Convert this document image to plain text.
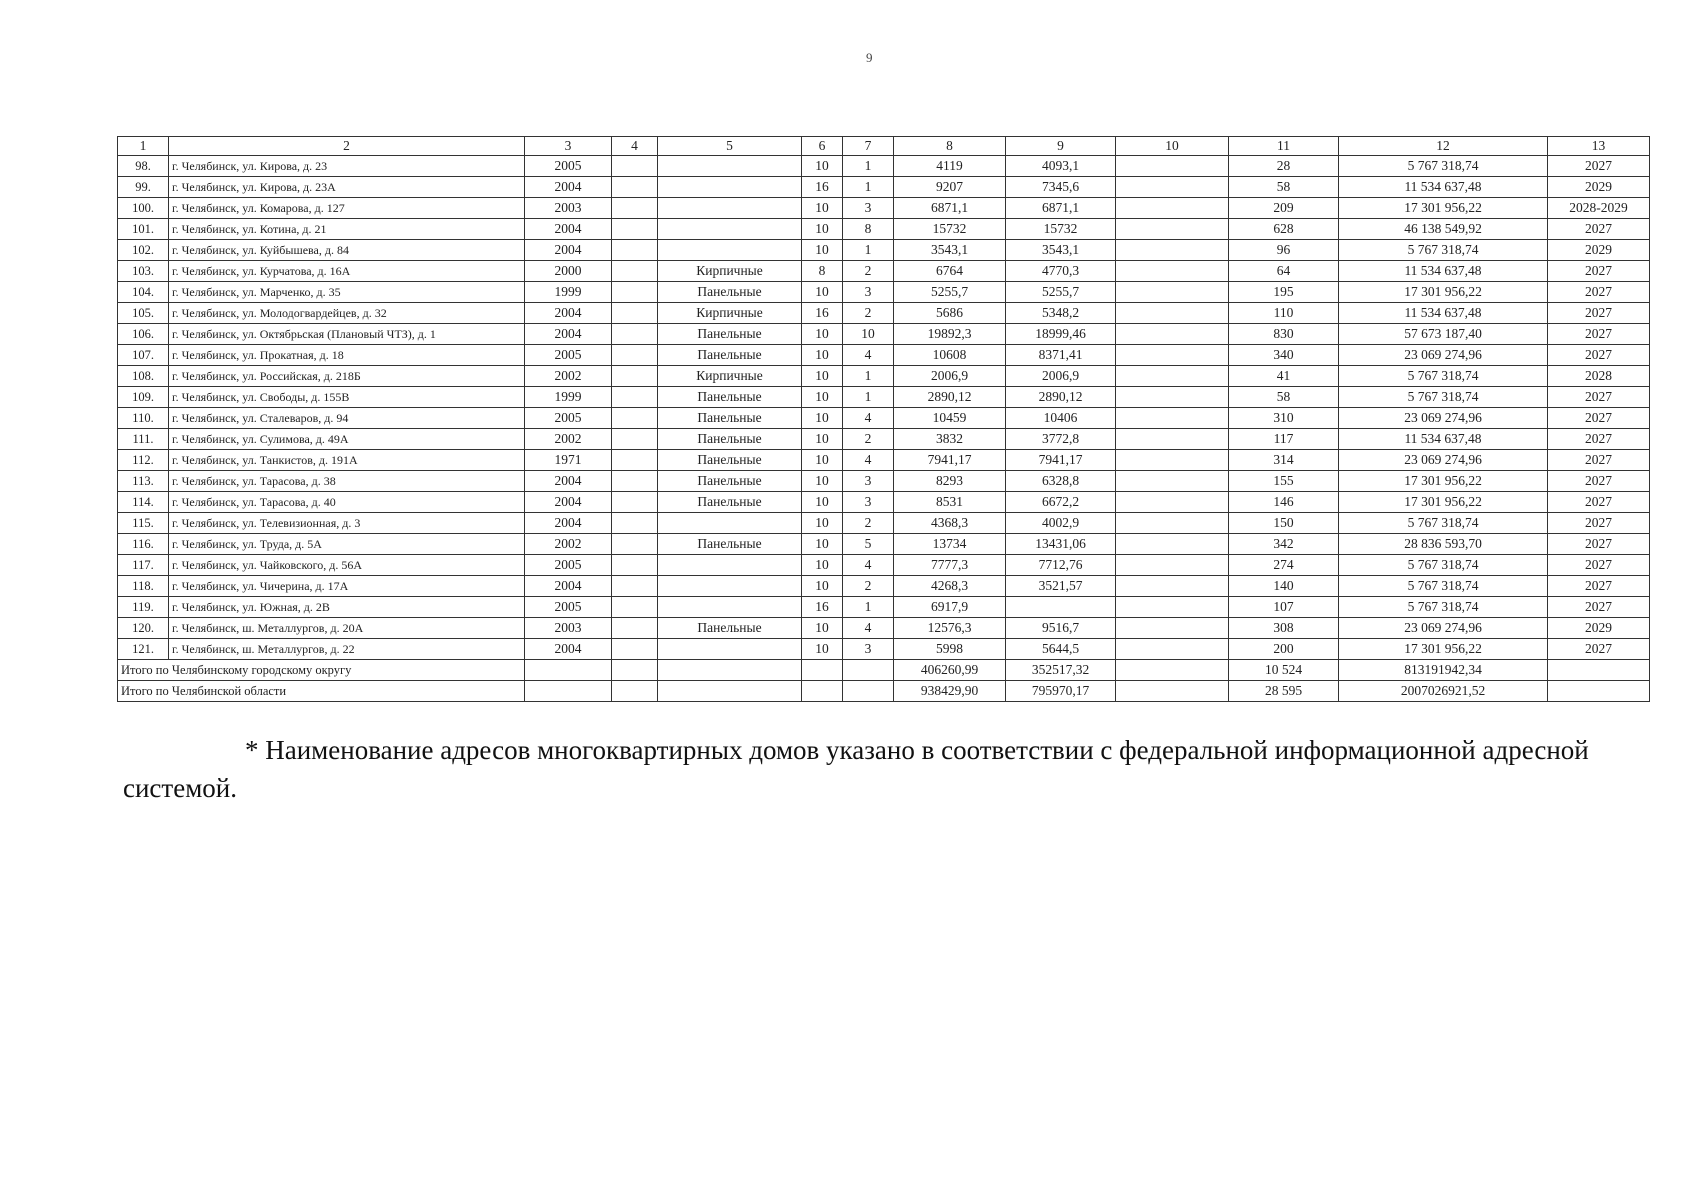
9
1	2	3	4	5	6	7	8	9	10	11	12	13
98.	г. Челябинск, ул. Кирова, д. 23	2005			10	1	4119	4093,1		28	5 767 318,74	2027
99.	г. Челябинск, ул. Кирова, д. 23А	2004			16	1	9207	7345,6		58	11 534 637,48	2029
100.	г. Челябинск, ул. Комарова, д. 127	2003			10	3	6871,1	6871,1		209	17 301 956,22	2028-2029
101.	г. Челябинск, ул. Котина, д. 21	2004			10	8	15732	15732		628	46 138 549,92	2027
102.	г. Челябинск, ул. Куйбышева, д. 84	2004			10	1	3543,1	3543,1		96	5 767 318,74	2029
103.	г. Челябинск, ул. Курчатова, д. 16А	2000		Кирпичные	8	2	6764	4770,3		64	11 534 637,48	2027
104.	г. Челябинск, ул. Марченко, д. 35	1999		Панельные	10	3	5255,7	5255,7		195	17 301 956,22	2027
105.	г. Челябинск, ул. Молодогвардейцев, д. 32	2004		Кирпичные	16	2	5686	5348,2		110	11 534 637,48	2027
106.	г. Челябинск, ул. Октябрьская (Плановый ЧТЗ), д. 1	2004		Панельные	10	10	19892,3	18999,46		830	57 673 187,40	2027
107.	г. Челябинск, ул. Прокатная, д. 18	2005		Панельные	10	4	10608	8371,41		340	23 069 274,96	2027
108.	г. Челябинск, ул. Российская, д. 218Б	2002		Кирпичные	10	1	2006,9	2006,9		41	5 767 318,74	2028
109.	г. Челябинск, ул. Свободы, д. 155В	1999		Панельные	10	1	2890,12	2890,12		58	5 767 318,74	2027
110.	г. Челябинск, ул. Сталеваров, д. 94	2005		Панельные	10	4	10459	10406		310	23 069 274,96	2027
111.	г. Челябинск, ул. Сулимова, д. 49А	2002		Панельные	10	2	3832	3772,8		117	11 534 637,48	2027
112.	г. Челябинск, ул. Танкистов, д. 191А	1971		Панельные	10	4	7941,17	7941,17		314	23 069 274,96	2027
113.	г. Челябинск, ул. Тарасова, д. 38	2004		Панельные	10	3	8293	6328,8		155	17 301 956,22	2027
114.	г. Челябинск, ул. Тарасова, д. 40	2004		Панельные	10	3	8531	6672,2		146	17 301 956,22	2027
115.	г. Челябинск, ул. Телевизионная, д. 3	2004			10	2	4368,3	4002,9		150	5 767 318,74	2027
116.	г. Челябинск, ул. Труда, д. 5А	2002		Панельные	10	5	13734	13431,06		342	28 836 593,70	2027
117.	г. Челябинск, ул. Чайковского, д. 56А	2005			10	4	7777,3	7712,76		274	5 767 318,74	2027
118.	г. Челябинск, ул. Чичерина, д. 17А	2004			10	2	4268,3	3521,57		140	5 767 318,74	2027
119.	г. Челябинск, ул. Южная, д. 2В	2005			16	1	6917,9			107	5 767 318,74	2027
120.	г. Челябинск, ш. Металлургов, д. 20А	2003		Панельные	10	4	12576,3	9516,7		308	23 069 274,96	2029
121.	г. Челябинск, ш. Металлургов, д. 22	2004			10	3	5998	5644,5		200	17 301 956,22	2027
Итого по Челябинскому городскому округу							406260,99	352517,32		10 524	813191942,34	
Итого по Челябинской области							938429,90	795970,17		28 595	2007026921,52	

* Наименование адресов многоквартирных домов указано в соответствии с федеральной информационной адресной системой.
